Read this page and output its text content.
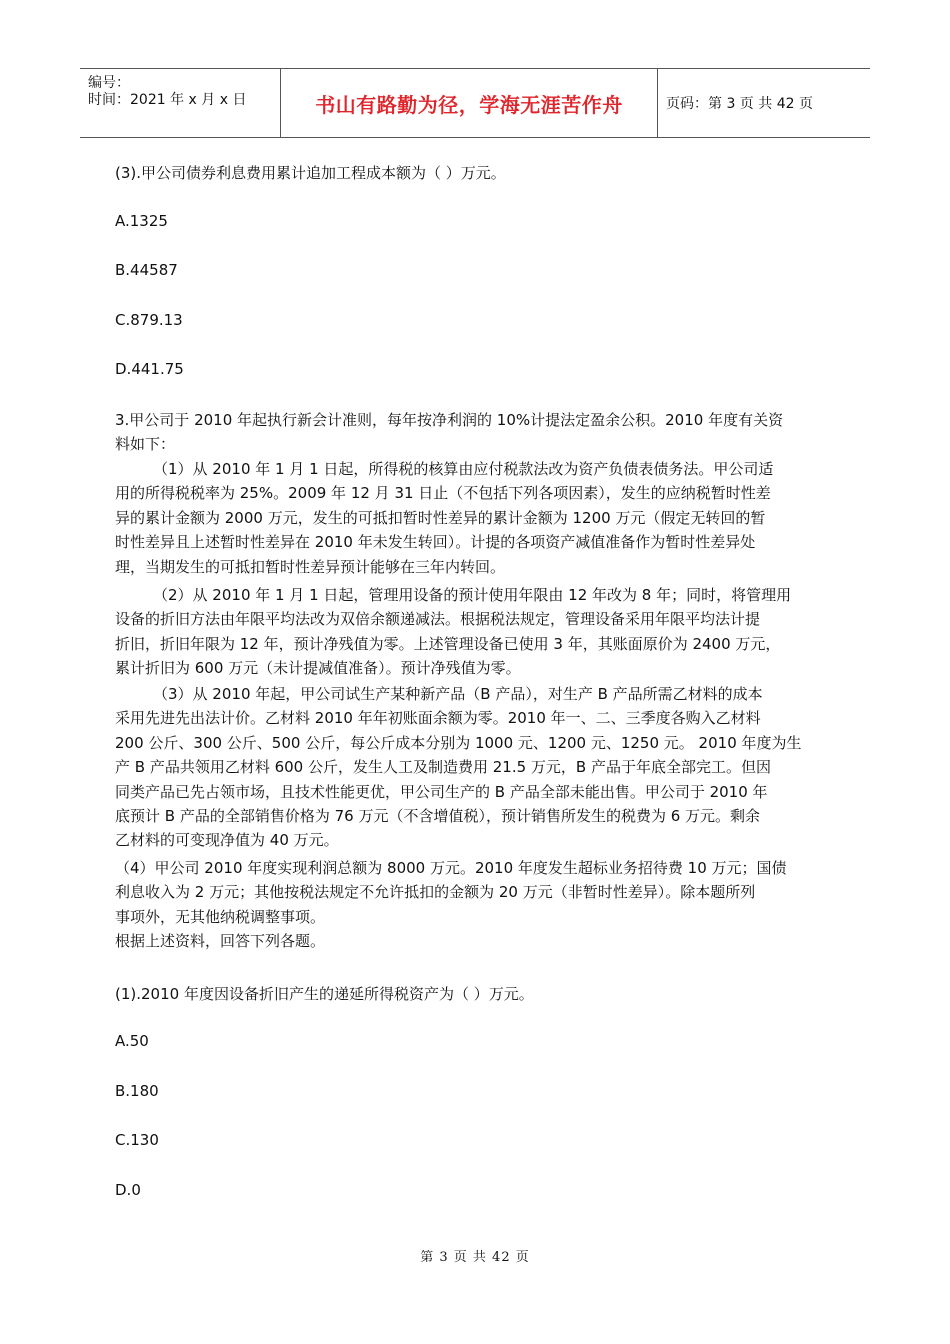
编号：
时间：2021 年 x 月 x 日	书山有路勤为径，学海无涯苦作舟	页码：第 3 页 共 42 页
(3).甲公司债券利息费用累计追加工程成本额为（ ）万元。
A.1325
B.44587
C.879.13
D.441.75
3.甲公司于 2010 年起执行新会计准则，每年按净利润的 10%计提法定盈余公积。2010 年度有关资
料如下：
（1）从 2010 年 1 月 1 日起，所得税的核算由应付税款法改为资产负债表债务法。甲公司适
用的所得税税率为 25%。2009 年 12 月 31 日止（不包括下列各项因素），发生的应纳税暂时性差
异的累计金额为 2000 万元，发生的可抵扣暂时性差异的累计金额为 1200 万元（假定无转回的暂
时性差异且上述暂时性差异在 2010 年未发生转回）。计提的各项资产减值准备作为暂时性差异处
理，当期发生的可抵扣暂时性差异预计能够在三年内转回。
（2）从 2010 年 1 月 1 日起，管理用设备的预计使用年限由 12 年改为 8 年；同时，将管理用
设备的折旧方法由年限平均法改为双倍余额递减法。根据税法规定，管理设备采用年限平均法计提
折旧，折旧年限为 12 年，预计净残值为零。上述管理设备已使用 3 年，其账面原价为 2400 万元，
累计折旧为 600 万元（未计提减值准备）。预计净残值为零。
（3）从 2010 年起，甲公司试生产某种新产品（B 产品），对生产 B 产品所需乙材料的成本
采用先进先出法计价。乙材料 2010 年年初账面余额为零。2010 年一、二、三季度各购入乙材料
200 公斤、300 公斤、500 公斤，每公斤成本分别为 1000 元、1200 元、1250 元。 2010 年度为生
产 B 产品共领用乙材料 600 公斤，发生人工及制造费用 21.5 万元，B 产品于年底全部完工。但因
同类产品已先占领市场，且技术性能更优，甲公司生产的 B 产品全部未能出售。甲公司于 2010 年
底预计 B 产品的全部销售价格为 76 万元（不含增值税），预计销售所发生的税费为 6 万元。剩余
乙材料的可变现净值为 40 万元。
（4）甲公司 2010 年度实现利润总额为 8000 万元。2010 年度发生超标业务招待费 10 万元；国债
利息收入为 2 万元；其他按税法规定不允许抵扣的金额为 20 万元（非暂时性差异）。除本题所列
事项外，无其他纳税调整事项。
根据上述资料，回答下列各题。
(1).2010 年度因设备折旧产生的递延所得税资产为（ ）万元。
A.50
B.180
C.130
D.0
第 3 页 共 42 页
